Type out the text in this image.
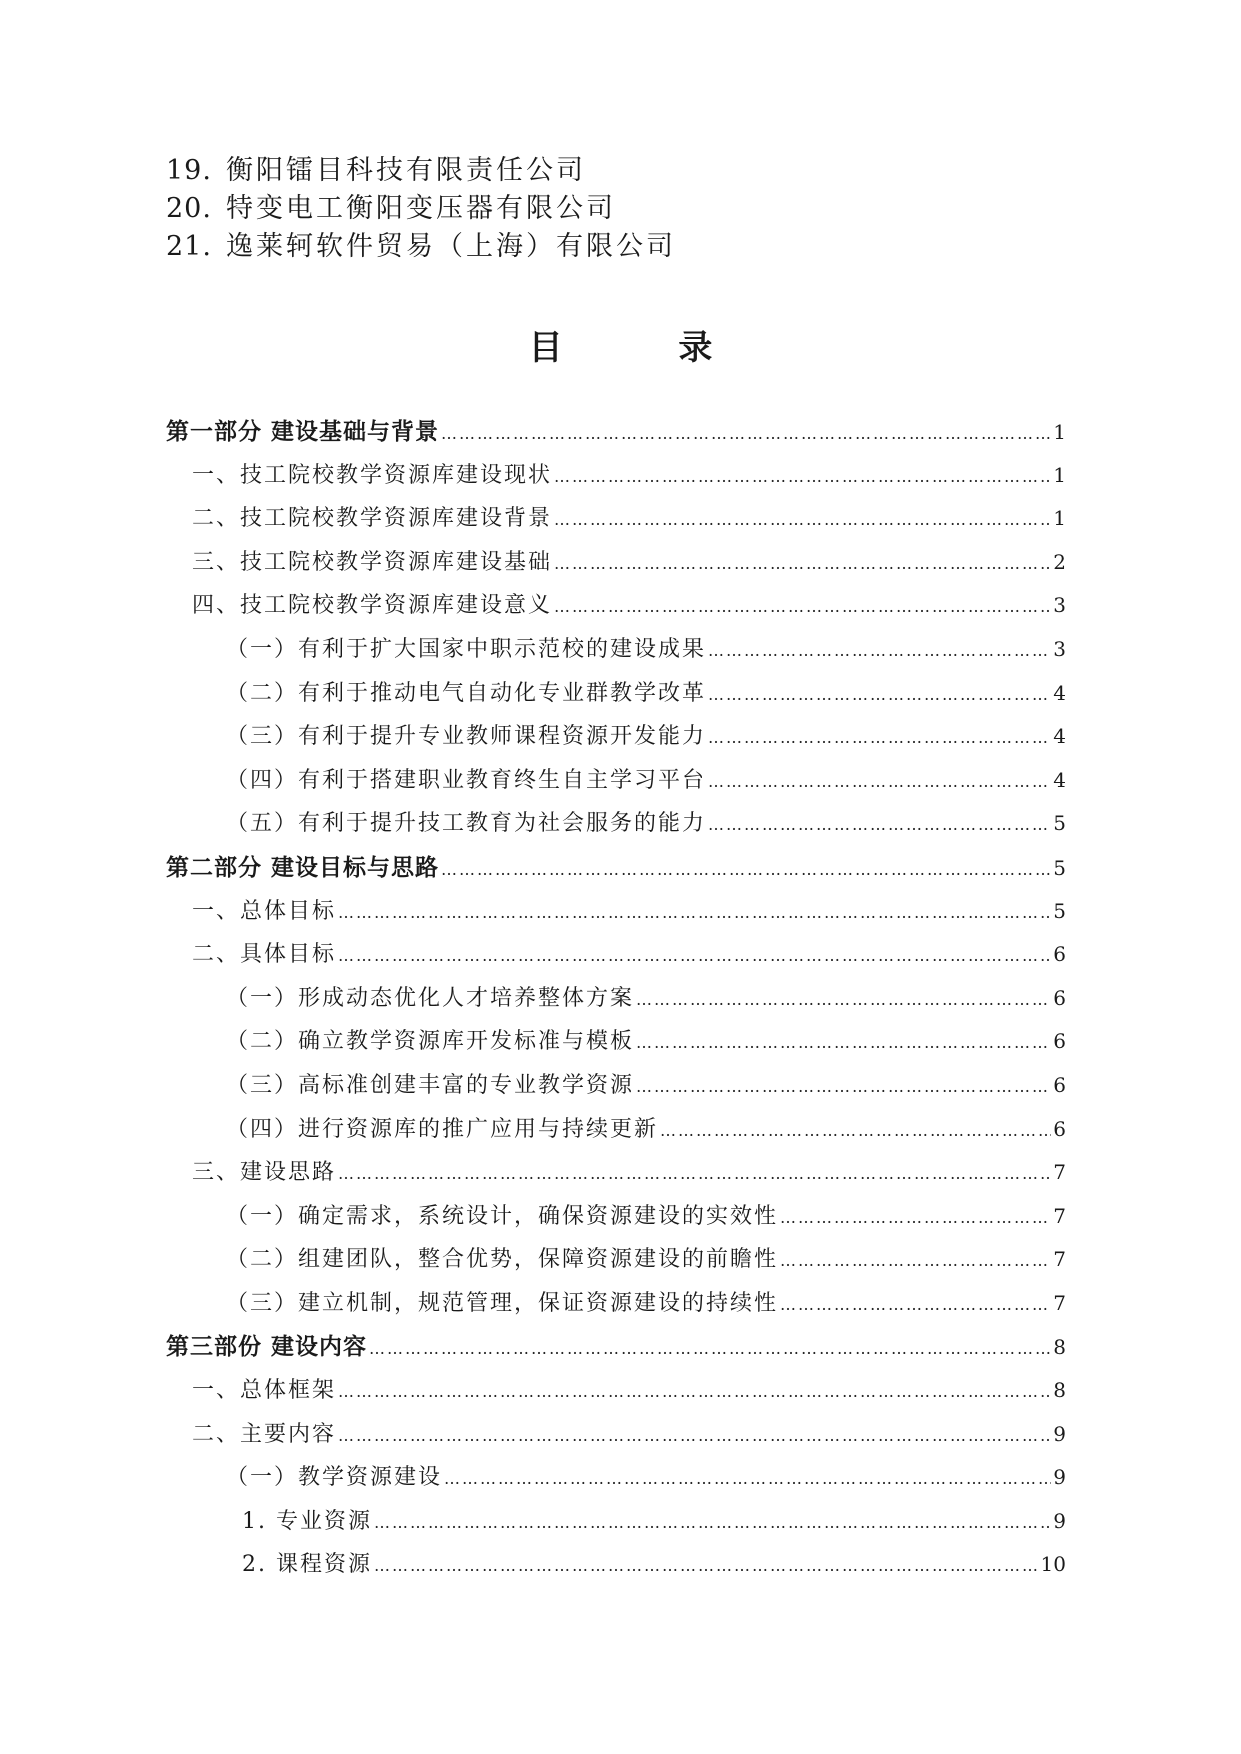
19. 衡阳镭目科技有限责任公司
20. 特变电工衡阳变压器有限公司
21. 逸莱轲软件贸易（上海）有限公司
目 录
第一部分 建设基础与背景 ………………………………………………………………………………………………………………………………………………	1
一、技工院校教学资源库建设现状 ………………………………………………………………………………………………………………………………………………	1
二、技工院校教学资源库建设背景 ………………………………………………………………………………………………………………………………………………	1
三、技工院校教学资源库建设基础 ………………………………………………………………………………………………………………………………………………	2
四、技工院校教学资源库建设意义 ………………………………………………………………………………………………………………………………………………	3
（一）有利于扩大国家中职示范校的建设成果 ………………………………………………………………………………………………………………………………………………	3
（二）有利于推动电气自动化专业群教学改革 ………………………………………………………………………………………………………………………………………………	4
（三）有利于提升专业教师课程资源开发能力 ………………………………………………………………………………………………………………………………………………	4
（四）有利于搭建职业教育终生自主学习平台 ………………………………………………………………………………………………………………………………………………	4
（五）有利于提升技工教育为社会服务的能力 ………………………………………………………………………………………………………………………………………………	5
第二部分 建设目标与思路 ………………………………………………………………………………………………………………………………………………	5
一、总体目标 ………………………………………………………………………………………………………………………………………………	5
二、具体目标 ………………………………………………………………………………………………………………………………………………	6
（一）形成动态优化人才培养整体方案 ………………………………………………………………………………………………………………………………………………	6
（二）确立教学资源库开发标准与模板 ………………………………………………………………………………………………………………………………………………	6
（三）高标准创建丰富的专业教学资源 ………………………………………………………………………………………………………………………………………………	6
（四）进行资源库的推广应用与持续更新 ………………………………………………………………………………………………………………………………………………	6
三、建设思路 ………………………………………………………………………………………………………………………………………………	7
（一）确定需求，系统设计，确保资源建设的实效性 ………………………………………………………………………………………………………………………………………………	7
（二）组建团队，整合优势，保障资源建设的前瞻性 ………………………………………………………………………………………………………………………………………………	7
（三）建立机制，规范管理，保证资源建设的持续性 ………………………………………………………………………………………………………………………………………………	7
第三部份 建设内容 ………………………………………………………………………………………………………………………………………………	8
一、总体框架 ………………………………………………………………………………………………………………………………………………	8
二、主要内容 ………………………………………………………………………………………………………………………………………………	9
（一）教学资源建设 ………………………………………………………………………………………………………………………………………………	9
1. 专业资源 ………………………………………………………………………………………………………………………………………………	9
2. 课程资源 ………………………………………………………………………………………………………………………………………………	10
